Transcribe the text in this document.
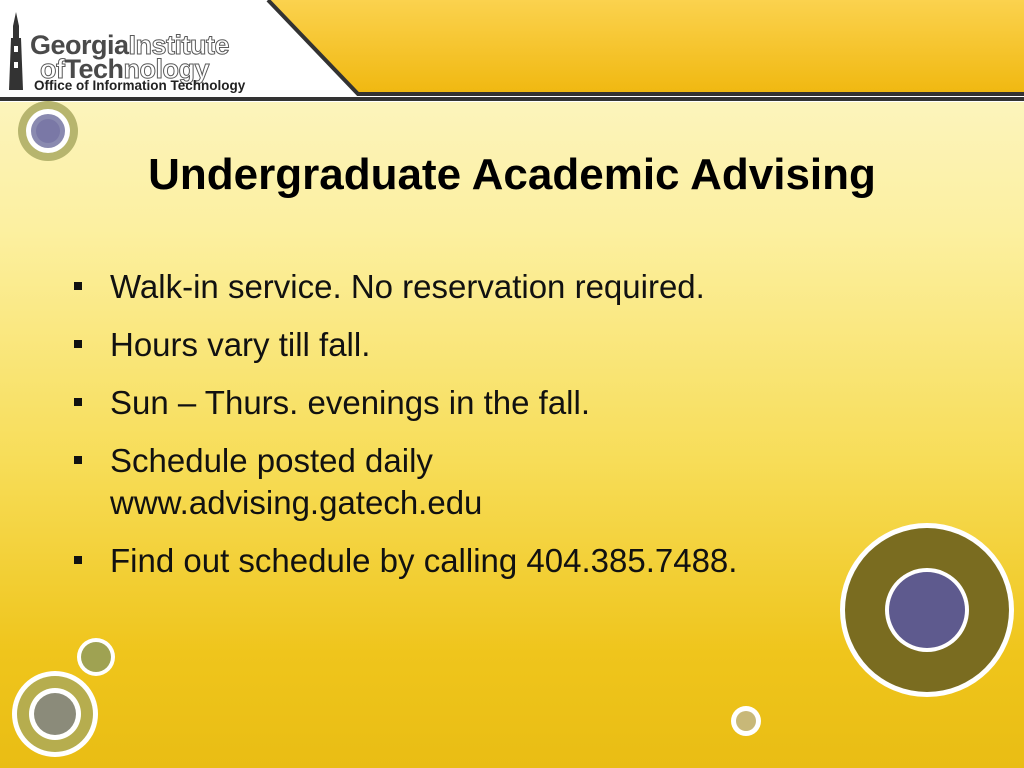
GeorgiaInstitute
ofTechnology
Office of Information Technology
Undergraduate Academic Advising
Walk-in service. No reservation required.
Hours vary till fall.
Sun – Thurs. evenings in the fall.
Schedule posted daily
www.advising.gatech.edu
Find out schedule by calling 404.385.7488.
